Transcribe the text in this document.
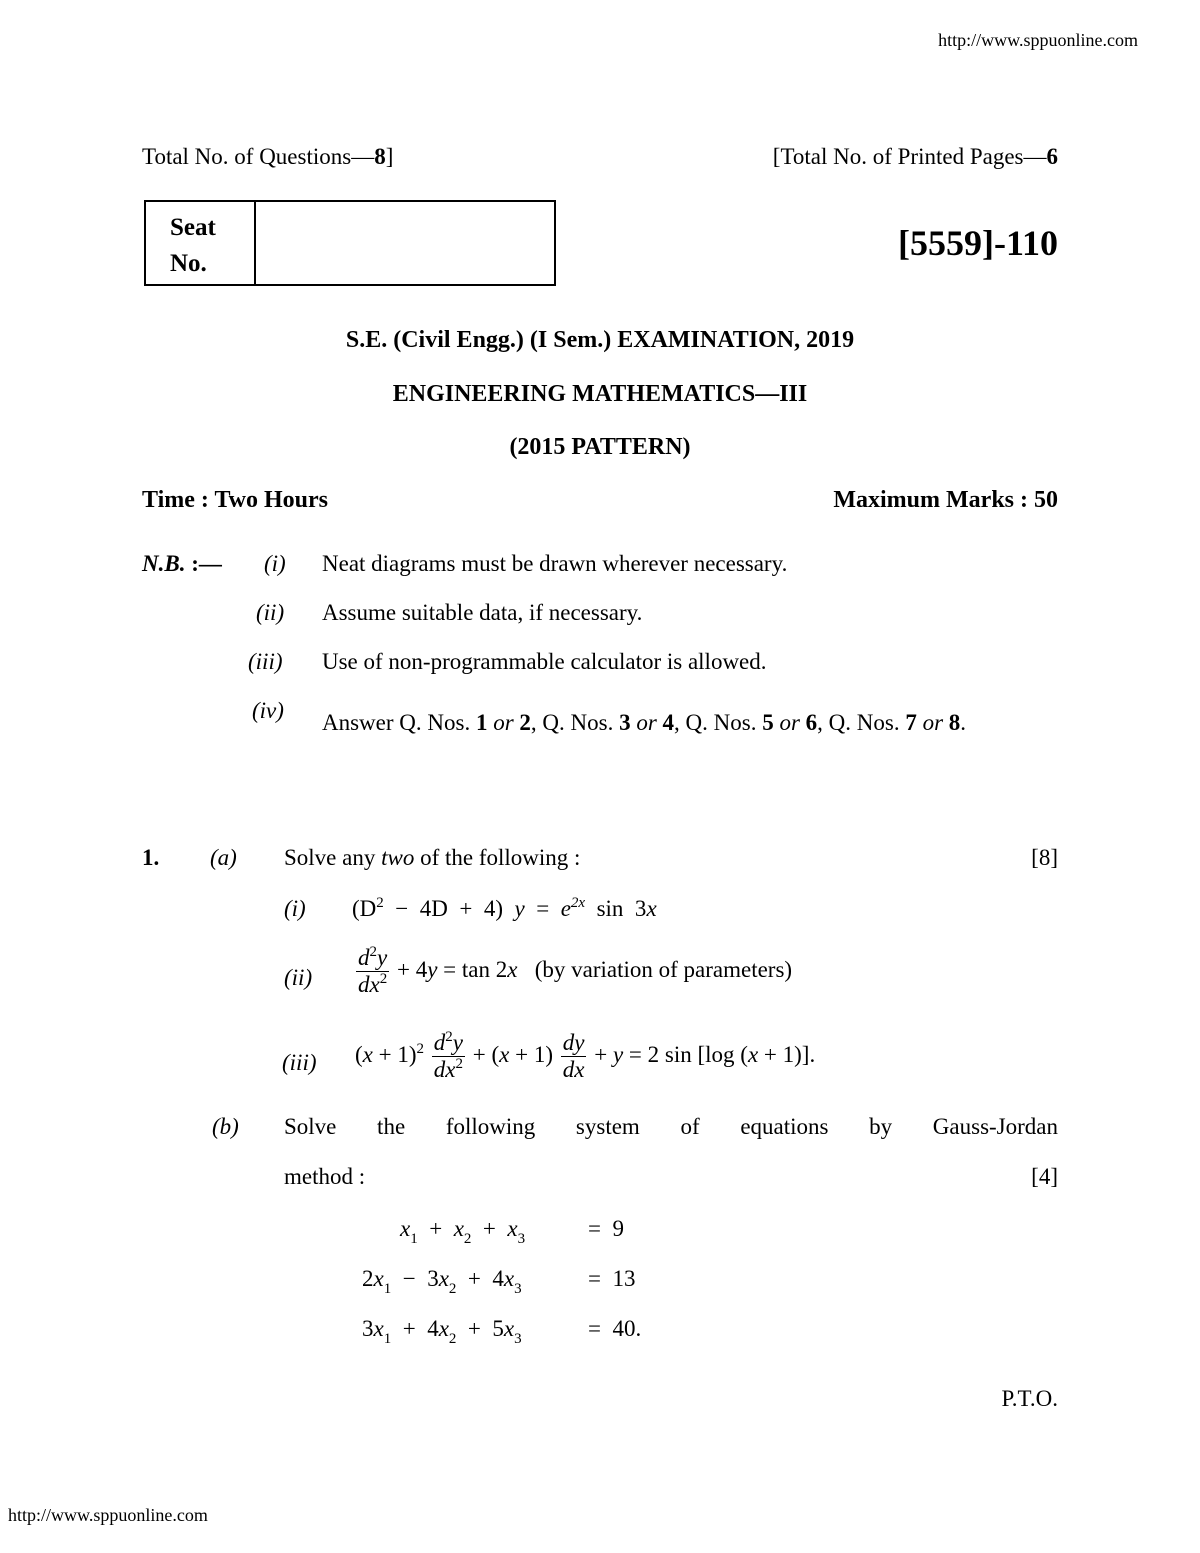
http://www.sppuonline.com
Total No. of Questions—8]	[Total No. of Printed Pages—6
Seat
No.
[5559]-110
S.E. (Civil Engg.) (I Sem.) EXAMINATION, 2019
ENGINEERING MATHEMATICS—III
(2015 PATTERN)
Time : Two Hours	Maximum Marks : 50
N.B. :— (i) Neat diagrams must be drawn wherever necessary.
(ii) Assume suitable data, if necessary.
(iii) Use of non-programmable calculator is allowed.
(iv) Answer Q. Nos. 1 or 2, Q. Nos. 3 or 4, Q. Nos. 5 or 6, Q. Nos. 7 or 8.
1. (a) Solve any two of the following :	[8]
(i) $(D^2 - 4D + 4) y = e^{2x}$  sin  3x
$(ii) \frac{d^2y}{dx^2} + 4y = \tan 2x$ (by variation of parameters)
(iii) $(x + 1)^2 \frac{d^2y}{dx^2} + (x + 1) \frac{dy}{dx} + y = 2$ sin [log (x + 1)].
(b) Solve the following system of equations by Gauss-Jordan
method :	[4]
$x_1 + x_2 + x_3$	=  9
$2x_1 - 3x_2 + 4x_3$	=  13
$3x_1 + 4x_2 + 5x_3$	=  40.
P.T.O.
http://www.sppuonline.com
